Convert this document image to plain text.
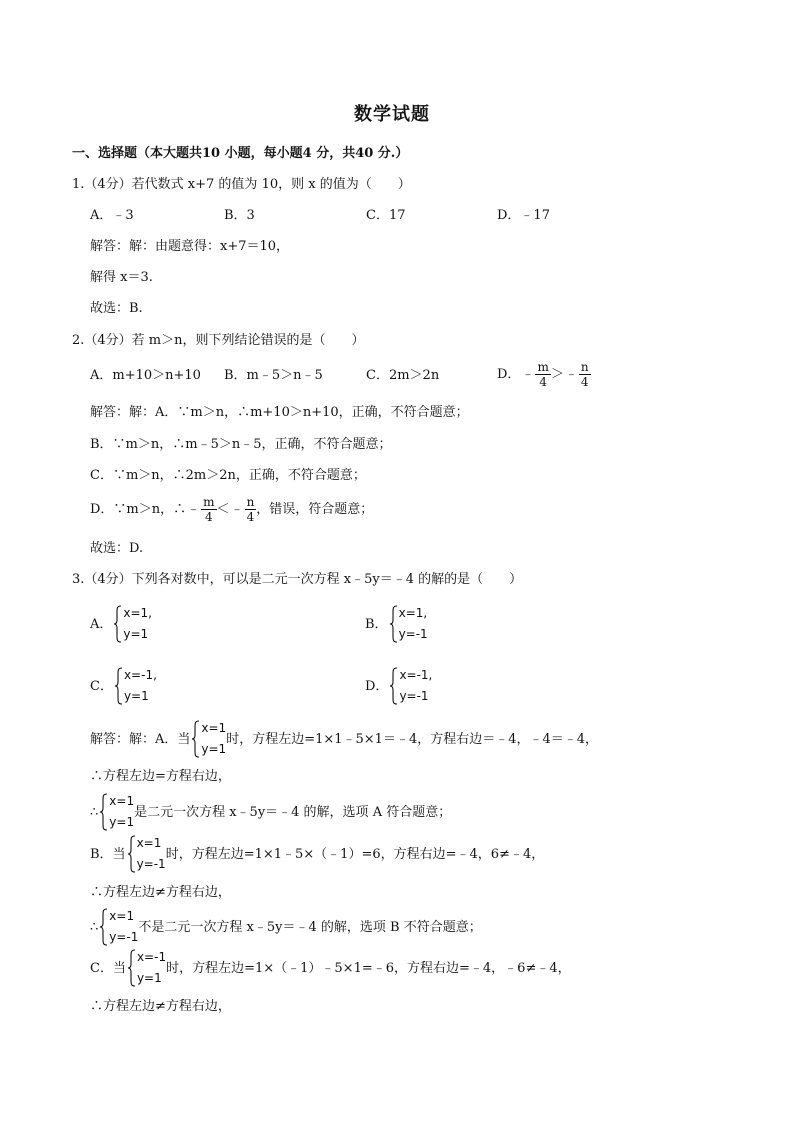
数学试题
一、选择题（本大题共10 小题，每小题4 分，共40 分.）
1.（4分）若代数式 x+7 的值为 10，则 x 的值为（　　）
A．﹣3	B．3	C．17	D．﹣17
解答：解：由题意得：x+7＝10，
解得 x＝3.
故选：B.
2.（4分）若 m＞n，则下列结论错误的是（　　）
A．m+10＞n+10 B．m﹣5＞n﹣5	C．2m＞2n	D．﹣ $\frac{m}{4}$ ＞﹣ $\frac{n}{4}$
解答：解：A．∵m＞n，∴m+10＞n+10，正确，不符合题意；
B．∵m＞n，∴m﹣5＞n﹣5，正确，不符合题意；
C．∵m＞n，∴2m＞2n，正确，不符合题意；
D．∵m＞n，∴﹣ $\frac{m}{4}$ ＜﹣ $\frac{n}{4}$ ，错误，符合题意；
故选：D.
3.（4分）下列各对数中，可以是二元一次方程 x﹣5y＝﹣4 的解的是（　　）
A．
x=1,
y=1
B．
x=1,
y=-1
C．
x=-1,
y=1
D．
x=-1,
y=-1
解答：解：A．当
x=1
y=1
时，方程左边=1×1﹣5×1＝﹣4，方程右边＝﹣4，﹣4＝﹣4，
∴方程左边=方程右边，
∴
x=1
y=1
是二元一次方程 x﹣5y＝﹣4 的解，选项 A 符合题意；
B．当
x=1
y=-1
时，方程左边=1×1﹣5×（﹣1）=6，方程右边=﹣4，6≠﹣4，
∴方程左边≠方程右边，
∴
x=1
y=-1
不是二元一次方程 x﹣5y＝﹣4 的解，选项 B 不符合题意；
C．当
x=-1
y=1
时，方程左边=1×（﹣1）﹣5×1=﹣6，方程右边=﹣4，﹣6≠﹣4，
∴方程左边≠方程右边，
